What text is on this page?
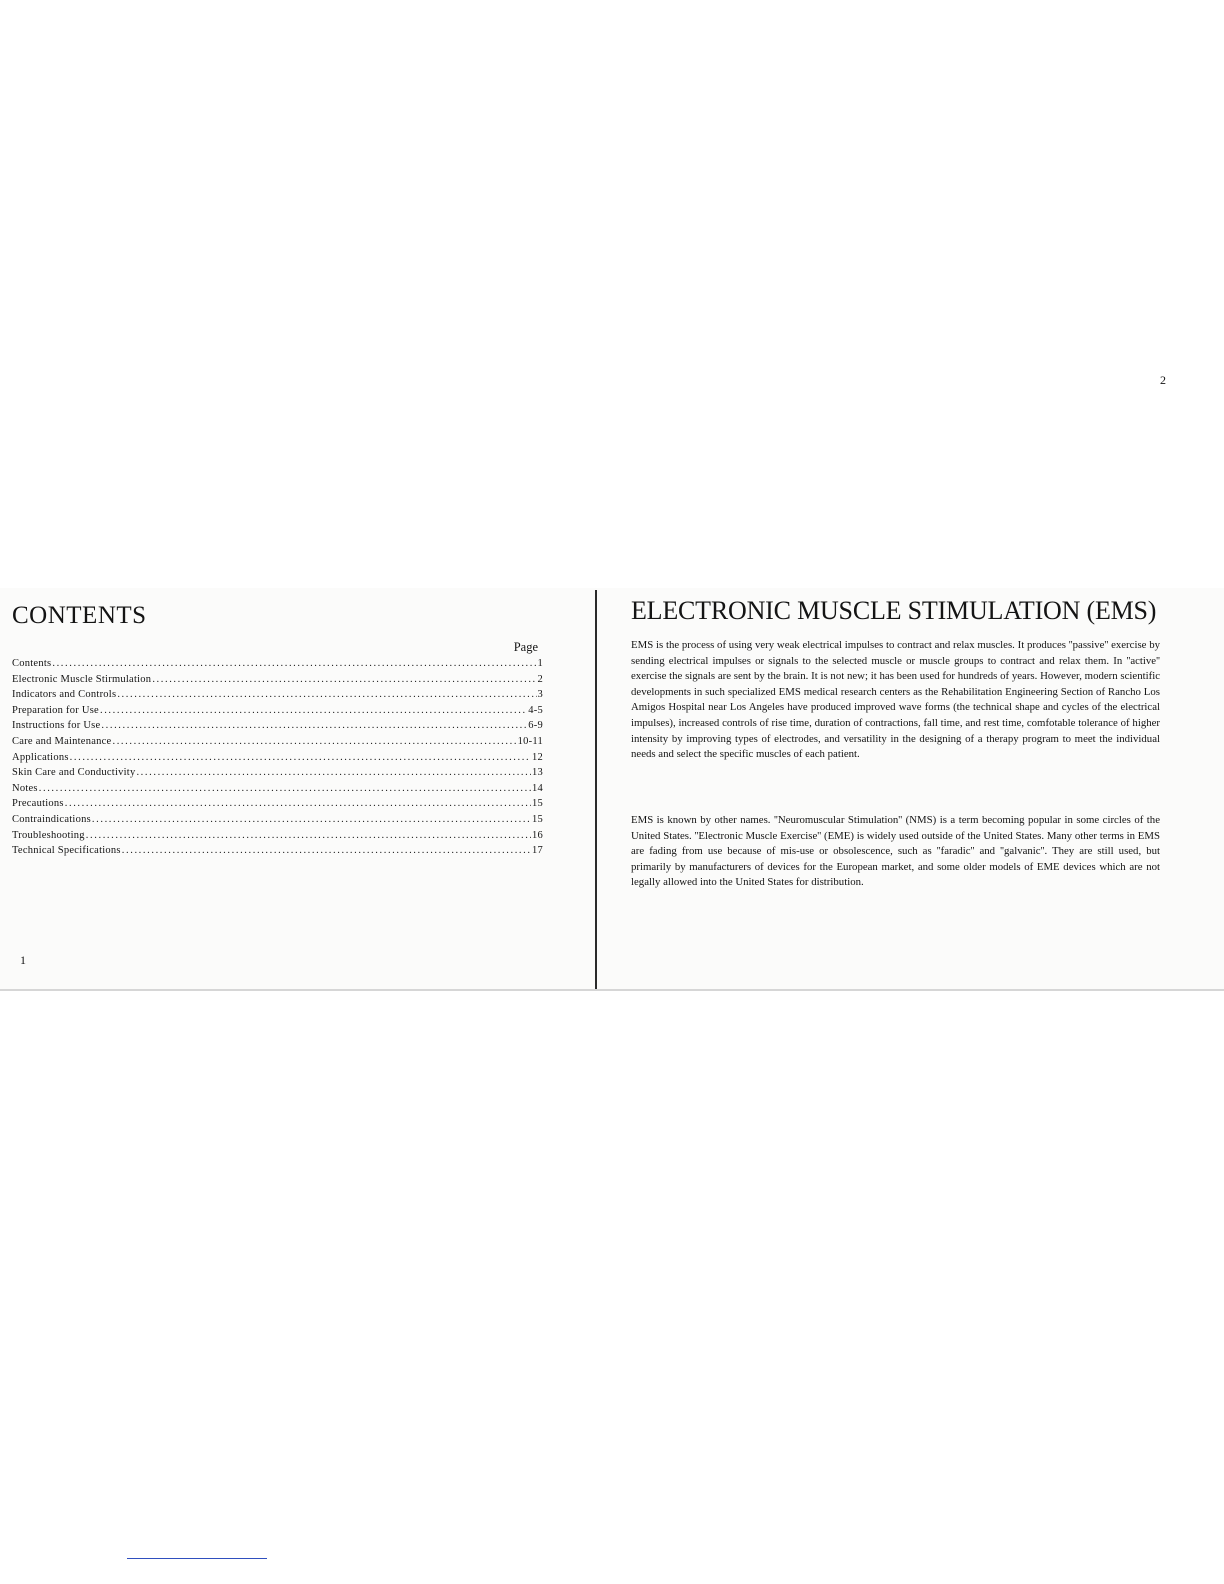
CONTENTS
Page
Contents .....	1
Electronic Muscle Stirmulation .....	2
Indicators and Controls .....	3
Preparation for Use .....	4-5
Instructions for Use .....	6-9
Care and Maintenance .....	10-11
Applications .....	12
Skin Care and Conductivity .....	13
Notes .....	14
Precautions .....	15
Contraindications .....	15
Troubleshooting .....	16
Technical Specifications .....	17
1
ELECTRONIC MUSCLE STIMULATION (EMS)

EMS is the process of using very weak electrical impulses to contract and relax muscles. It produces ''passive'' exercise by sending electrical impulses or signals to the selected muscle or muscle groups to contract and relax them. In ''active'' exercise the signals are sent by the brain. It is not new; it has been used for hundreds of years. However, modern scientific developments in such specialized EMS medical research centers as the Rehabilitation Engineering Section of Rancho Los Amigos Hospital near Los Angeles have produced improved wave forms (the technical shape and cycles of the electrical impulses), increased controls of rise time, duration of contractions, fall time, and rest time, comfotable tolerance of higher intensity by improving types of electrodes, and versatility in the designing of a therapy program to meet the individual needs and select the specific muscles of each patient.

EMS is known by other names. ''Neuromuscular Stimulation'' (NMS) is a term becoming popular in some circles of the United States. ''Electronic Muscle Exercise'' (EME) is widely used outside of the United States. Many other terms in EMS are fading from use because of mis-use or obsolescence, such as ''faradic'' and ''galvanic''. They are still used, but primarily by manufacturers of devices for the European market, and some older models of EME devices which are not legally allowed into the United States for distribution.

2
